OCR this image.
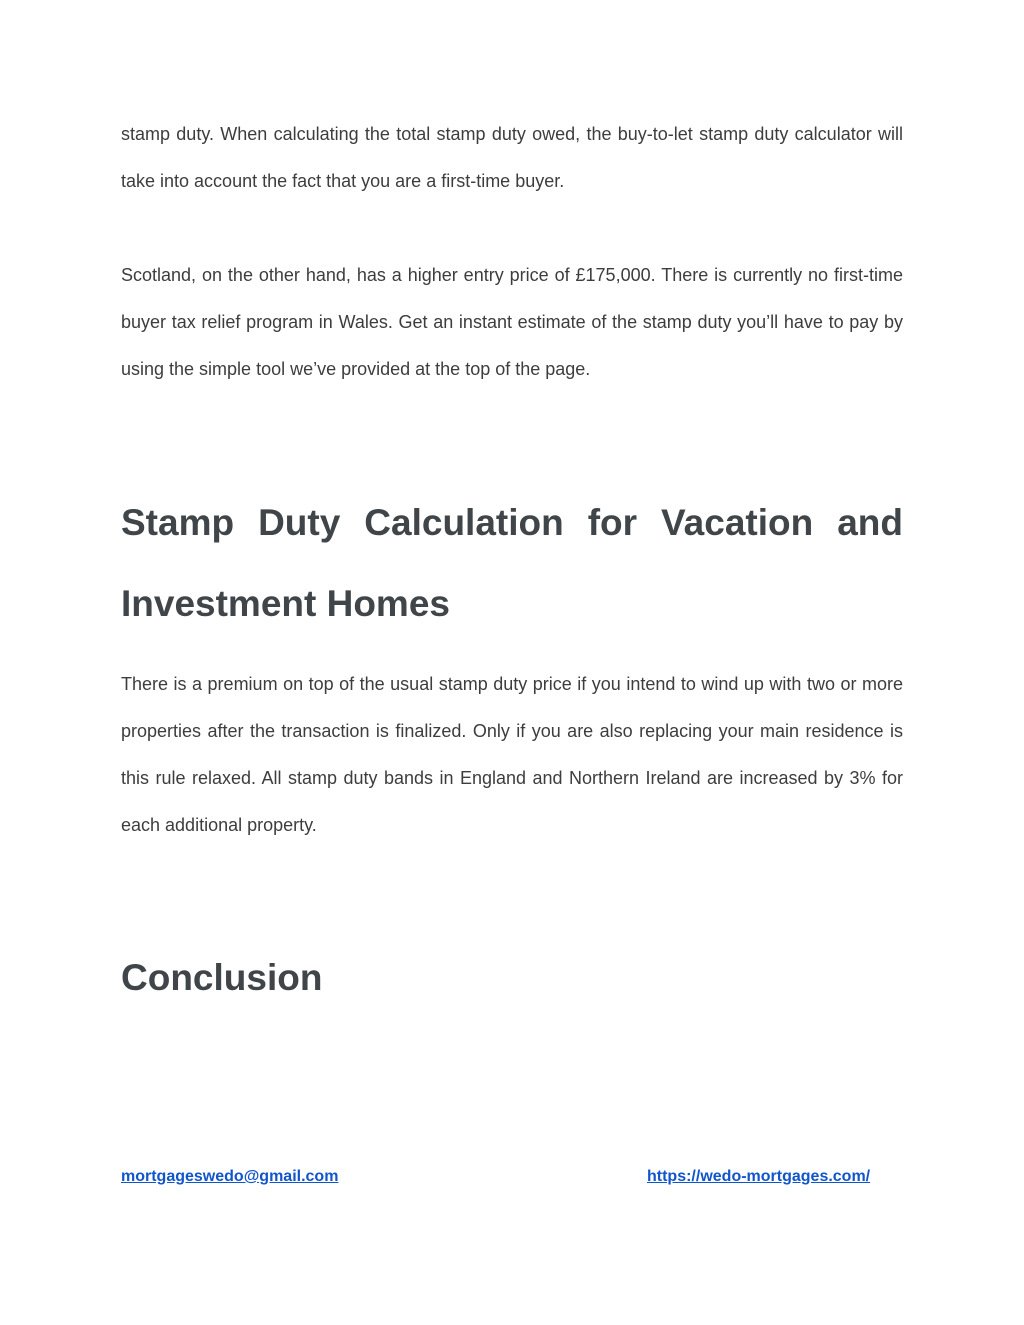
stamp duty. When calculating the total stamp duty owed, the buy-to-let stamp duty calculator will take into account the fact that you are a first-time buyer.

Scotland, on the other hand, has a higher entry price of £175,000. There is currently no first-time buyer tax relief program in Wales. Get an instant estimate of the stamp duty you’ll have to pay by using the simple tool we’ve provided at the top of the page.

Stamp Duty Calculation for Vacation and Investment Homes

There is a premium on top of the usual stamp duty price if you intend to wind up with two or more properties after the transaction is finalized. Only if you are also replacing your main residence is this rule relaxed. All stamp duty bands in England and Northern Ireland are increased by 3% for each additional property.

Conclusion
mortgageswedo@gmail.com	https://wedo-mortgages.com/
